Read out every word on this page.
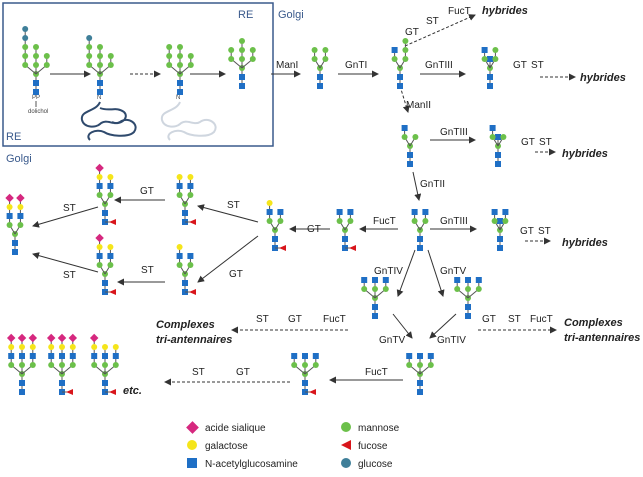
RE Golgi
RE
Golgi
PP
dolichol
N	N
ManI	GnTI	GnTIII
GT
ST
FucT
GT ST
ManII
GnTIII
GT ST
GnTII
FucT	GnTIII
GT ST
GT
GT
ST
ST
ST	GT
ST	GnTIV	GnTV
GnTV	GnTIV
ST GT FucT	GT ST FucT
FucT
ST	GT
hybrides
hybrides
hybrides
hybrides
Complexes
tri-antennaires
Complexes
tri-antennaires
etc.
acide sialique
galactose
N-acetylglucosamine
mannose
fucose
glucose
